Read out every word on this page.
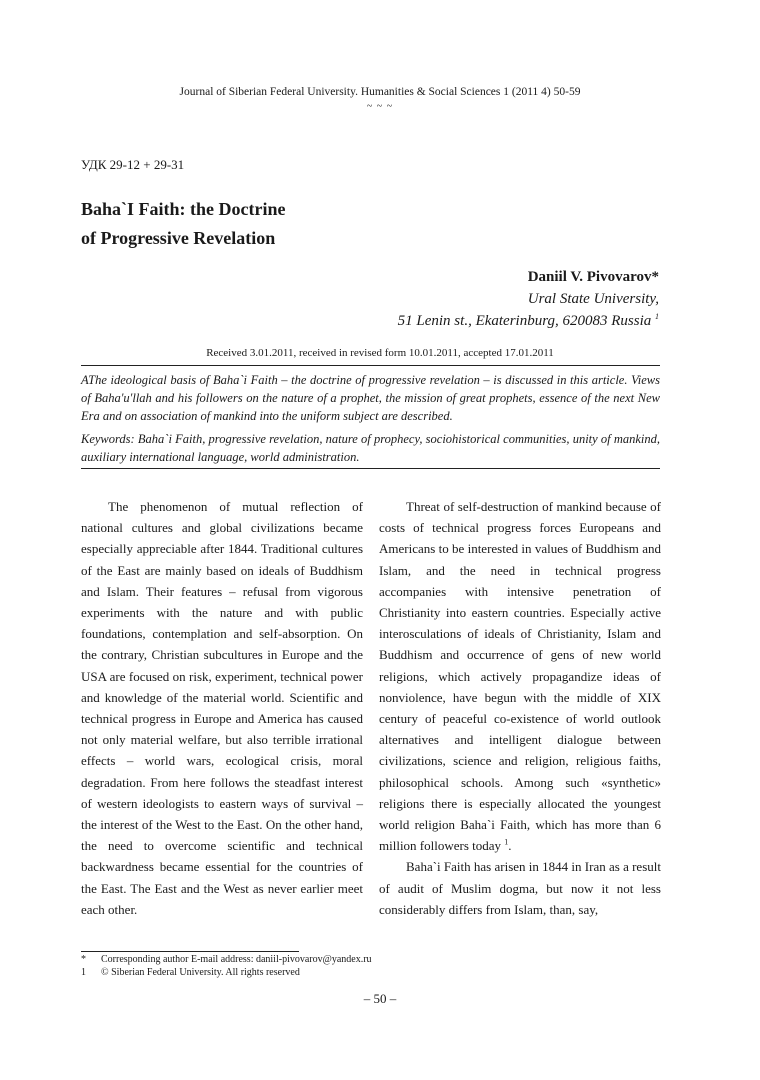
Journal of Siberian Federal University. Humanities & Social Sciences 1 (2011 4) 50-59
~ ~ ~
УДК 29-12 + 29-31
Baha`I Faith: the Doctrine
of Progressive Revelation
Daniil V. Pivovarov*
Ural State University,
51 Lenin st., Ekaterinburg, 620083 Russia $^1$
Received 3.01.2011, received in revised form 10.01.2011, accepted 17.01.2011
AThe ideological basis of Baha`i Faith – the doctrine of progressive revelation – is discussed in this article. Views of Baha'u'llah and his followers on the nature of a prophet, the mission of great prophets, essence of the next New Era and on association of mankind into the uniform subject are described.
Keywords: Baha`i Faith, progressive revelation, nature of prophecy, sociohistorical communities, unity of mankind, auxiliary international language, world administration.

The phenomenon of mutual reflection of national cultures and global civilizations became especially appreciable after 1844. Traditional cultures of the East are mainly based on ideals of Buddhism and Islam. Their features – refusal from vigorous experiments with the nature and with public foundations, contemplation and self-absorption. On the contrary, Christian subcultures in Europe and the USA are focused on risk, experiment, technical power and knowledge of the material world. Scientific and technical progress in Europe and America has caused not only material welfare, but also terrible irrational effects – world wars, ecological crisis, moral degradation. From here follows the steadfast interest of western ideologists to eastern ways of survival – the interest of the West to the East. On the other hand, the need to overcome scientific and technical backwardness became essential for the countries of the East. The East and the West as never earlier meet each other.

Threat of self-destruction of mankind because of costs of technical progress forces Europeans and Americans to be interested in values of Buddhism and Islam, and the need in technical progress accompanies with intensive penetration of Christianity into eastern countries. Especially active interosculations of ideals of Christianity, Islam and Buddhism and occurrence of gens of new world religions, which actively propagandize ideas of nonviolence, have begun with the middle of XIX century of peaceful co-existence of world outlook alternatives and intelligent dialogue between civilizations, science and religion, religious faiths, philosophical schools. Among such «synthetic» religions there is especially allocated the youngest world religion Baha`i Faith, which has more than 6 million followers today $^1$.

Baha`i Faith has arisen in 1844 in Iran as a result of audit of Muslim dogma, but now it not less considerably differs from Islam, than, say,

* Corresponding author E-mail address: daniil-pivovarov@yandex.ru
1 © Siberian Federal University. All rights reserved
– 50 –
